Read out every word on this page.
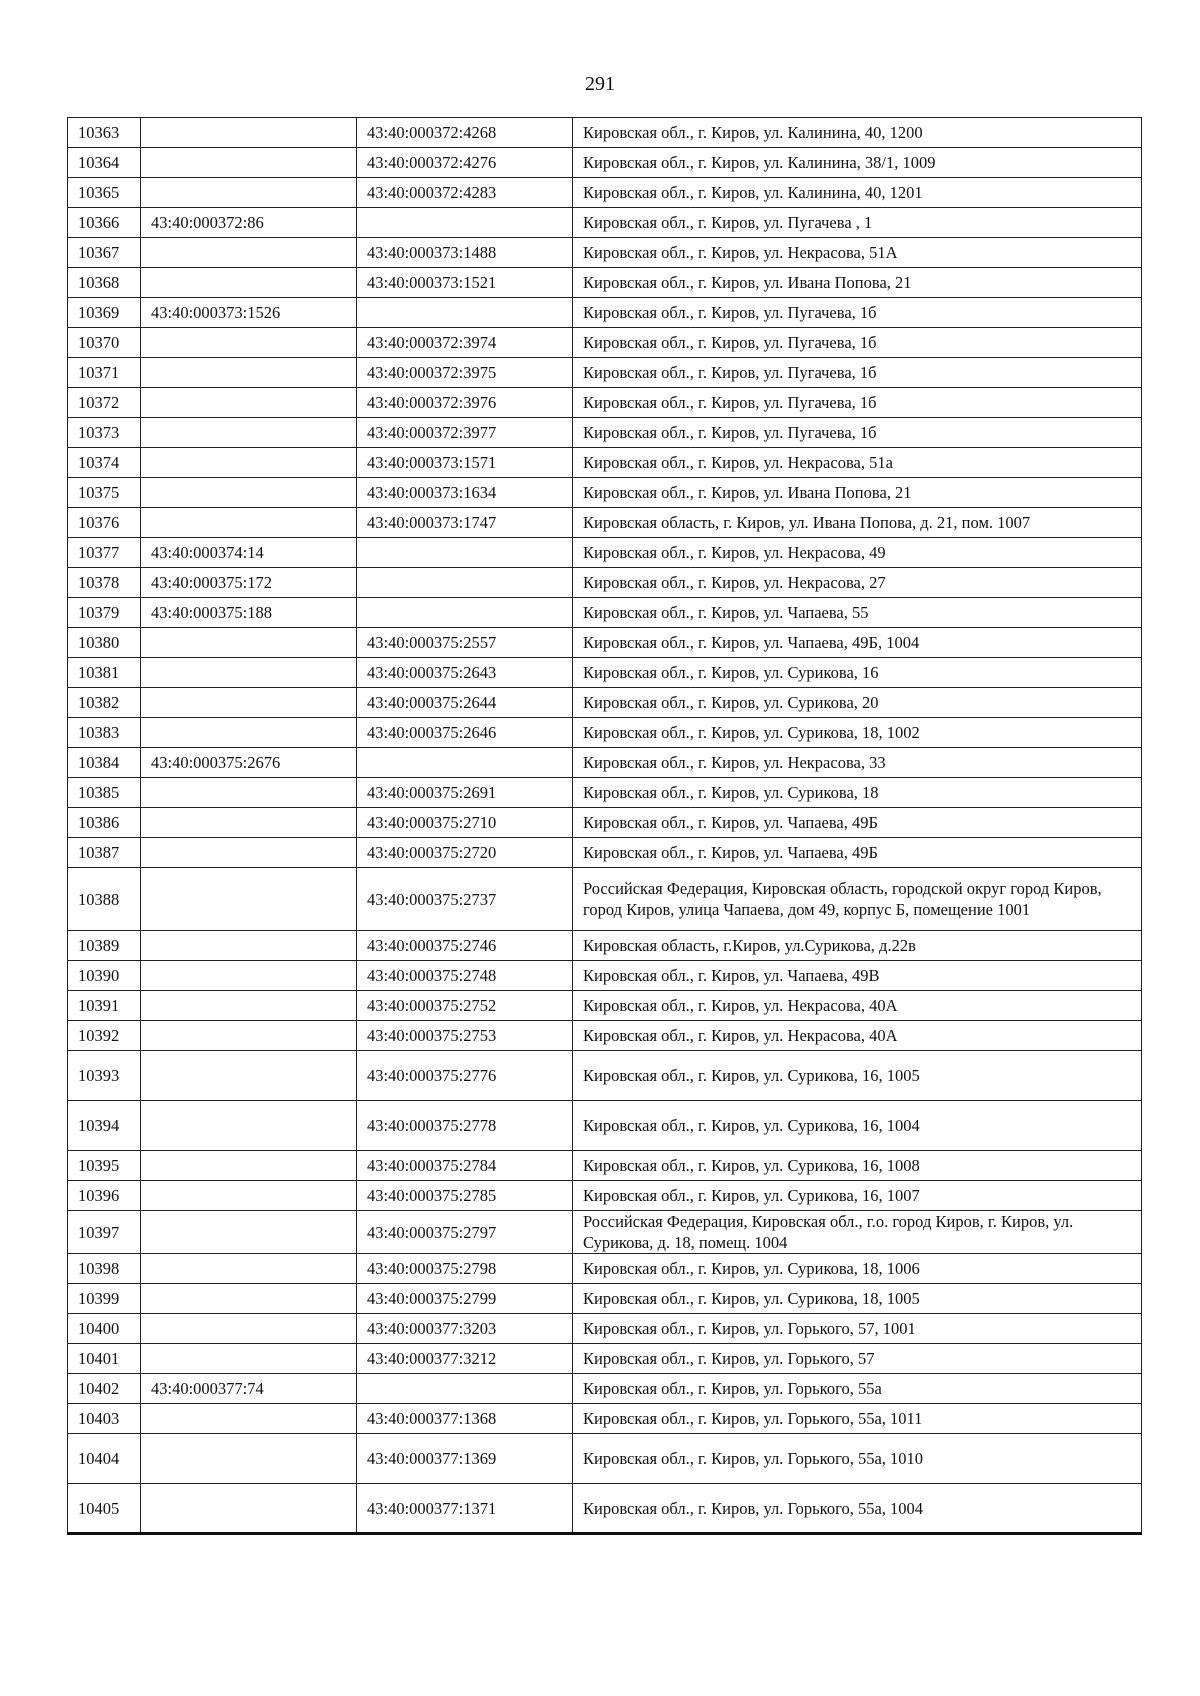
291
10363		43:40:000372:4268	Кировская обл., г. Киров, ул. Калинина, 40, 1200
10364		43:40:000372:4276	Кировская обл., г. Киров, ул. Калинина, 38/1, 1009
10365		43:40:000372:4283	Кировская обл., г. Киров, ул. Калинина, 40, 1201
10366	43:40:000372:86		Кировская обл., г. Киров, ул. Пугачева , 1
10367		43:40:000373:1488	Кировская обл., г. Киров, ул. Некрасова, 51А
10368		43:40:000373:1521	Кировская обл., г. Киров, ул. Ивана Попова, 21
10369	43:40:000373:1526		Кировская обл., г. Киров, ул. Пугачева, 1б
10370		43:40:000372:3974	Кировская обл., г. Киров, ул. Пугачева, 1б
10371		43:40:000372:3975	Кировская обл., г. Киров, ул. Пугачева, 1б
10372		43:40:000372:3976	Кировская обл., г. Киров, ул. Пугачева, 1б
10373		43:40:000372:3977	Кировская обл., г. Киров, ул. Пугачева, 1б
10374		43:40:000373:1571	Кировская обл., г. Киров, ул. Некрасова, 51а
10375		43:40:000373:1634	Кировская обл., г. Киров, ул. Ивана Попова, 21
10376		43:40:000373:1747	Кировская область, г. Киров, ул. Ивана Попова, д. 21, пом. 1007
10377	43:40:000374:14		Кировская обл., г. Киров, ул. Некрасова, 49
10378	43:40:000375:172		Кировская обл., г. Киров, ул. Некрасова, 27
10379	43:40:000375:188		Кировская обл., г. Киров, ул. Чапаева, 55
10380		43:40:000375:2557	Кировская обл., г. Киров, ул. Чапаева, 49Б, 1004
10381		43:40:000375:2643	Кировская обл., г. Киров, ул. Сурикова, 16
10382		43:40:000375:2644	Кировская обл., г. Киров, ул. Сурикова, 20
10383		43:40:000375:2646	Кировская обл., г. Киров, ул. Сурикова, 18, 1002
10384	43:40:000375:2676		Кировская обл., г. Киров, ул. Некрасова, 33
10385		43:40:000375:2691	Кировская обл., г. Киров, ул. Сурикова, 18
10386		43:40:000375:2710	Кировская обл., г. Киров, ул. Чапаева, 49Б
10387		43:40:000375:2720	Кировская обл., г. Киров, ул. Чапаева, 49Б
10388		43:40:000375:2737	Российская Федерация, Кировская область, городской округ город Киров, город Киров, улица Чапаева, дом 49, корпус Б, помещение 1001
10389		43:40:000375:2746	Кировская область, г.Киров, ул.Сурикова, д.22в
10390		43:40:000375:2748	Кировская обл., г. Киров, ул. Чапаева, 49В
10391		43:40:000375:2752	Кировская обл., г. Киров, ул. Некрасова, 40А
10392		43:40:000375:2753	Кировская обл., г. Киров, ул. Некрасова, 40А
10393		43:40:000375:2776	Кировская обл., г. Киров, ул. Сурикова, 16, 1005
10394		43:40:000375:2778	Кировская обл., г. Киров, ул. Сурикова, 16, 1004
10395		43:40:000375:2784	Кировская обл., г. Киров, ул. Сурикова, 16, 1008
10396		43:40:000375:2785	Кировская обл., г. Киров, ул. Сурикова, 16, 1007
10397		43:40:000375:2797	Российская Федерация, Кировская обл., г.о. город Киров, г. Киров, ул. Сурикова, д. 18, помещ. 1004
10398		43:40:000375:2798	Кировская обл., г. Киров, ул. Сурикова, 18, 1006
10399		43:40:000375:2799	Кировская обл., г. Киров, ул. Сурикова, 18, 1005
10400		43:40:000377:3203	Кировская обл., г. Киров, ул. Горького, 57, 1001
10401		43:40:000377:3212	Кировская обл., г. Киров, ул. Горького, 57
10402	43:40:000377:74		Кировская обл., г. Киров, ул. Горького, 55а
10403		43:40:000377:1368	Кировская обл., г. Киров, ул. Горького, 55а, 1011
10404		43:40:000377:1369	Кировская обл., г. Киров, ул. Горького, 55а, 1010
10405		43:40:000377:1371	Кировская обл., г. Киров, ул. Горького, 55а, 1004
